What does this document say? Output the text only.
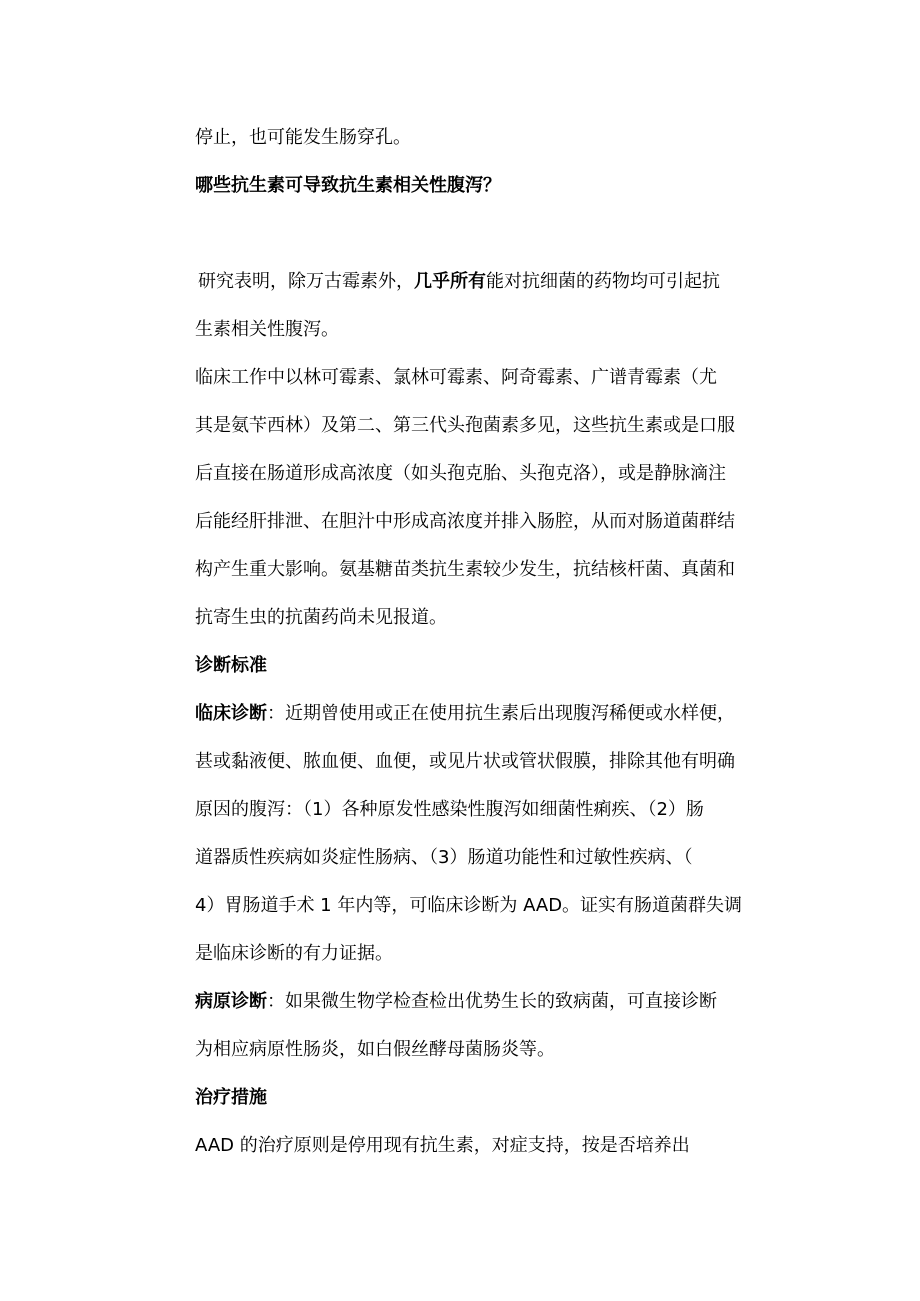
停止，也可能发生肠穿孔。
哪些抗生素可导致抗生素相关性腹泻？
研究表明，除万古霉素外，几乎所有能对抗细菌的药物均可引起抗
生素相关性腹泻。
临床工作中以林可霉素、氯林可霉素、阿奇霉素、广谱青霉素（尤
其是氨苄西林）及第二、第三代头孢菌素多见，这些抗生素或是口服
后直接在肠道形成高浓度（如头孢克胎、头孢克洛），或是静脉滴注
后能经肝排泄、在胆汁中形成高浓度并排入肠腔，从而对肠道菌群结
构产生重大影响。氨基糖苗类抗生素较少发生，抗结核杆菌、真菌和
抗寄生虫的抗菌药尚未见报道。
诊断标准
临床诊断：近期曾使用或正在使用抗生素后出现腹泻稀便或水样便，
甚或黏液便、脓血便、血便，或见片状或管状假膜，排除其他有明确
原因的腹泻：（1）各种原发性感染性腹泻如细菌性痢疾、（2）肠
道器质性疾病如炎症性肠病、（3）肠道功能性和过敏性疾病、（
4）胃肠道手术 1 年内等，可临床诊断为 AAD。证实有肠道菌群失调
是临床诊断的有力证据。
病原诊断：如果微生物学检查检出优势生长的致病菌，可直接诊断
为相应病原性肠炎，如白假丝酵母菌肠炎等。
治疗措施
AAD 的治疗原则是停用现有抗生素，对症支持，按是否培养出
